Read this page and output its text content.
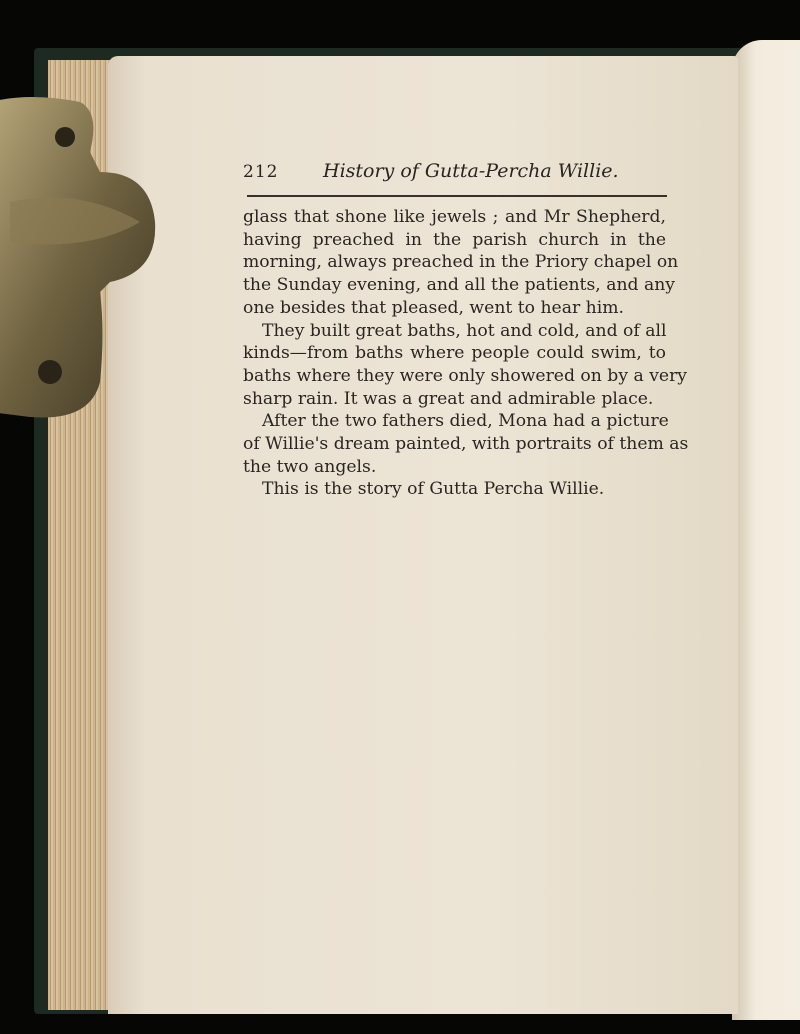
212 History of Gutta-Percha Willie.
glass that shone like jewels ; and Mr Shepherd,
having preached in the parish church in the
morning, always preached in the Priory chapel on
the Sunday evening, and all the patients, and any
one besides that pleased, went to hear him.
They built great baths, hot and cold, and of all
kinds—from baths where people could swim, to
baths where they were only showered on by a very
sharp rain. It was a great and admirable place.
After the two fathers died, Mona had a picture
of Willie's dream painted, with portraits of them as
the two angels.
This is the story of Gutta Percha Willie.
